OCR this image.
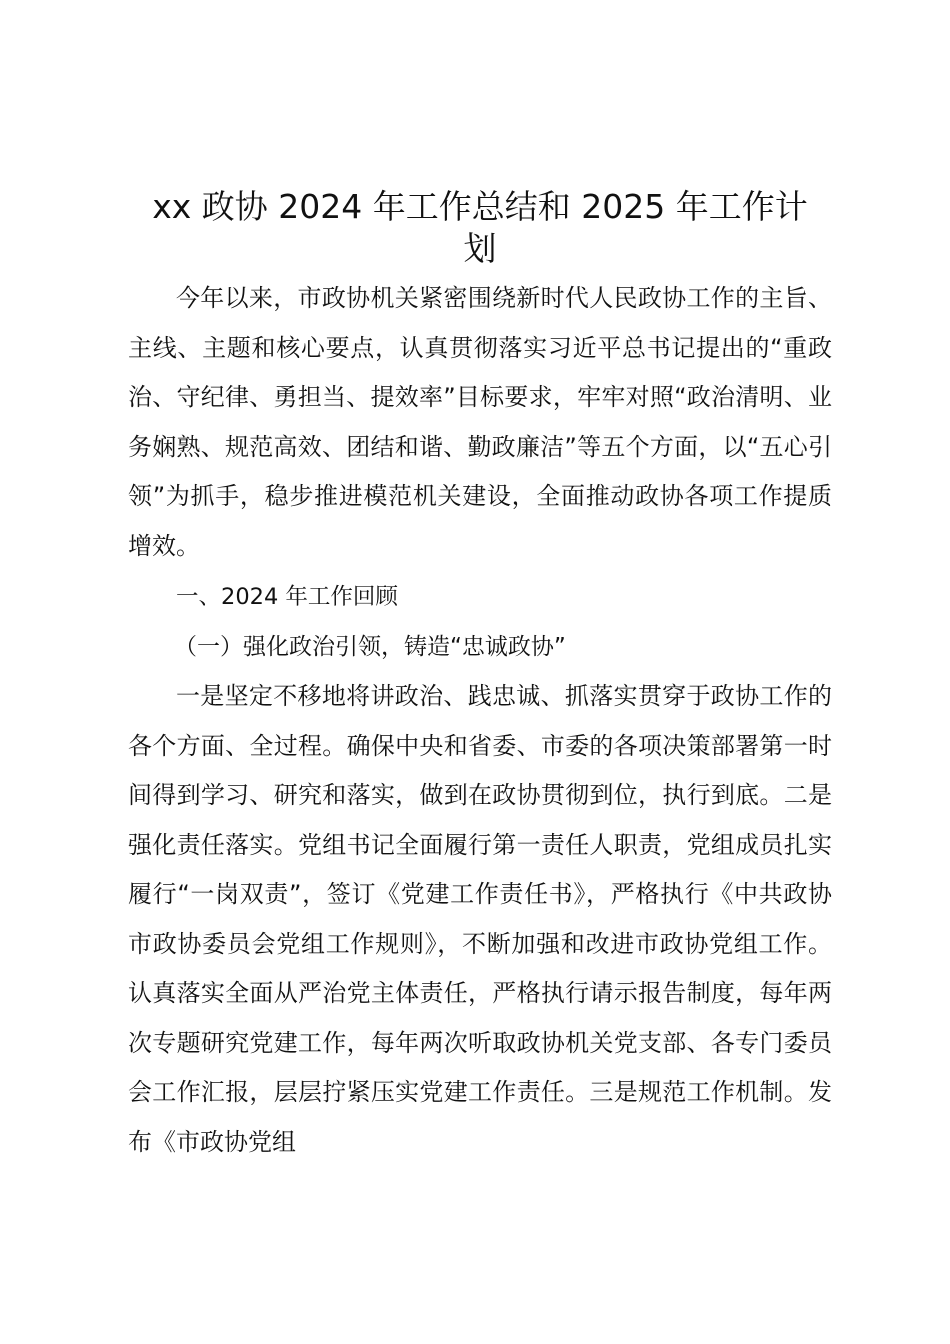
xx 政协 2024 年工作总结和 2025 年工作计
划

今年以来，市政协机关紧密围绕新时代人民政协工作的主旨、主线、主题和核心要点，认真贯彻落实习近平总书记提出的“重政治、守纪律、勇担当、提效率”目标要求，牢牢对照“政治清明、业务娴熟、规范高效、团结和谐、勤政廉洁”等五个方面，以“五心引领”为抓手，稳步推进模范机关建设，全面推动政协各项工作提质增效。

一、2024 年工作回顾

（一）强化政治引领，铸造“忠诚政协”

一是坚定不移地将讲政治、践忠诚、抓落实贯穿于政协工作的各个方面、全过程。确保中央和省委、市委的各项决策部署第一时间得到学习、研究和落实，做到在政协贯彻到位，执行到底。二是强化责任落实。党组书记全面履行第一责任人职责，党组成员扎实履行“一岗双责”，签订《党建工作责任书》，严格执行《中共政协市政协委员会党组工作规则》，不断加强和改进市政协党组工作。认真落实全面从严治党主体责任，严格执行请示报告制度，每年两次专题研究党建工作，每年两次听取政协机关党支部、各专门委员会工作汇报，层层拧紧压实党建工作责任。三是规范工作机制。发布《市政协党组
